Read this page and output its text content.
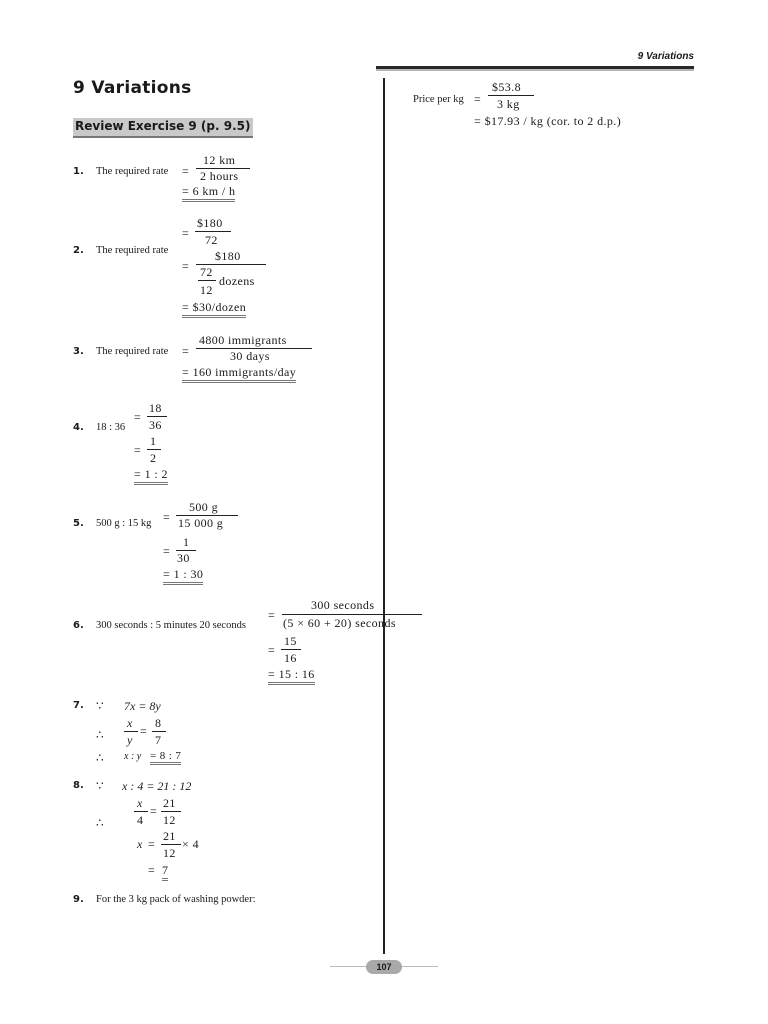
9 Variations
9 Variations
Review Exercise 9 (p. 9.5)
1. The required rate =
12 km
2 hours
= 6 km / h
=
$180
72
2. The required rate
=
$180
72
dozens
12
= $30/dozen
3. The required rate =
4800 immigrants
30 days
= 160 immigrants/day
=
18
36
4. 18 : 36
=
1
2
= 1 : 2
5. 500 g : 15 kg =
500 g
15 000 g
=
1
30
= 1 : 30
6. 300 seconds : 5 minutes 20 seconds
=
300 seconds
(5 × 60 + 20) seconds
=
15
16
= 15 : 16
7. ∵ 7x = 8y
∴
x
y
=
8
7
∴ x : y = 8 : 7
8. ∵ x : 4 = 21 : 12
x
4
=
21
12
∴
x =
21
12
× 4
= 7
9. For the 3 kg pack of washing powder:
Price per kg =
$53.8
3 kg
= $17.93 / kg (cor. to 2 d.p.)
107
